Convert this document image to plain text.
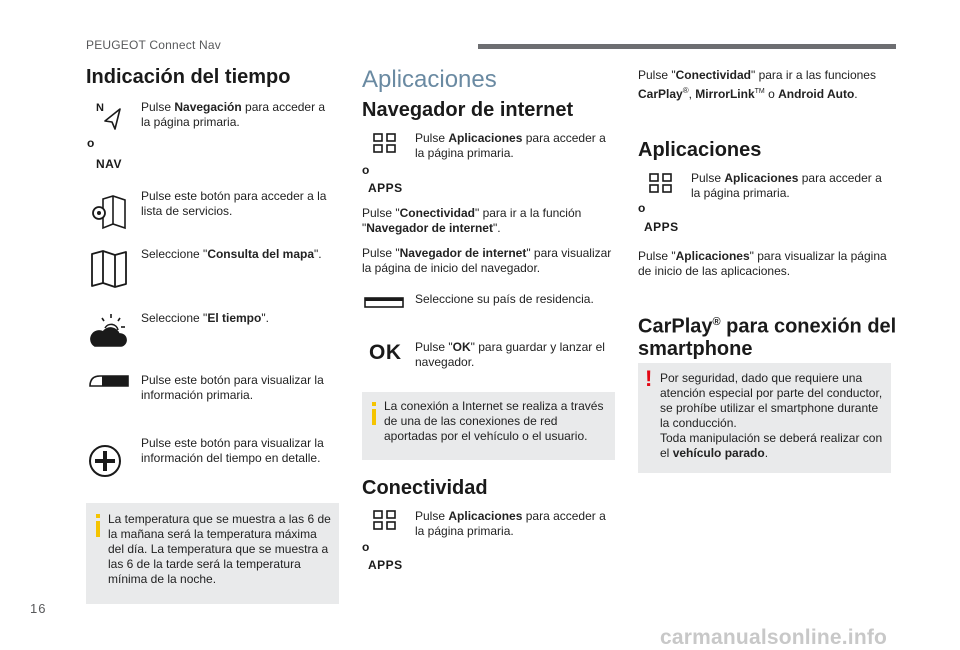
PEUGEOT Connect Nav
Indicación del tiempo
N	Pulse Navegación para acceder a la página primaria.
o
NAV
Pulse este botón para acceder a la lista de servicios.
Seleccione "Consulta del mapa".
Seleccione "El tiempo".
Pulse este botón para visualizar la información primaria.
Pulse este botón para visualizar la información del tiempo en detalle.
La temperatura que se muestra a las 6 de la mañana será la temperatura máxima del día. La temperatura que se muestra a las 6 de la tarde será la temperatura mínima de la noche.
Aplicaciones
Navegador de internet
Pulse Aplicaciones para acceder a la página primaria.
o
APPS
Pulse "Conectividad" para ir a la función "Navegador de internet".
Pulse "Navegador de internet" para visualizar la página de inicio del navegador.
Seleccione su país de residencia.
OK Pulse "OK" para guardar y lanzar el navegador.
La conexión a Internet se realiza a través de una de las conexiones de red aportadas por el vehículo o el usuario.
Conectividad
Pulse Aplicaciones para acceder a la página primaria.
o
APPS
Pulse "Conectividad" para ir a las funciones CarPlay®, MirrorLink™ o Android Auto.
Aplicaciones
Pulse Aplicaciones para acceder a la página primaria.
o
APPS
Pulse "Aplicaciones" para visualizar la página de inicio de las aplicaciones.
CarPlay® para conexión del
smartphone
! Por seguridad, dado que requiere una atención especial por parte del conductor, se prohíbe utilizar el smartphone durante la conducción.
Toda manipulación se deberá realizar con el vehículo parado.
16
carmanualsonline.info
